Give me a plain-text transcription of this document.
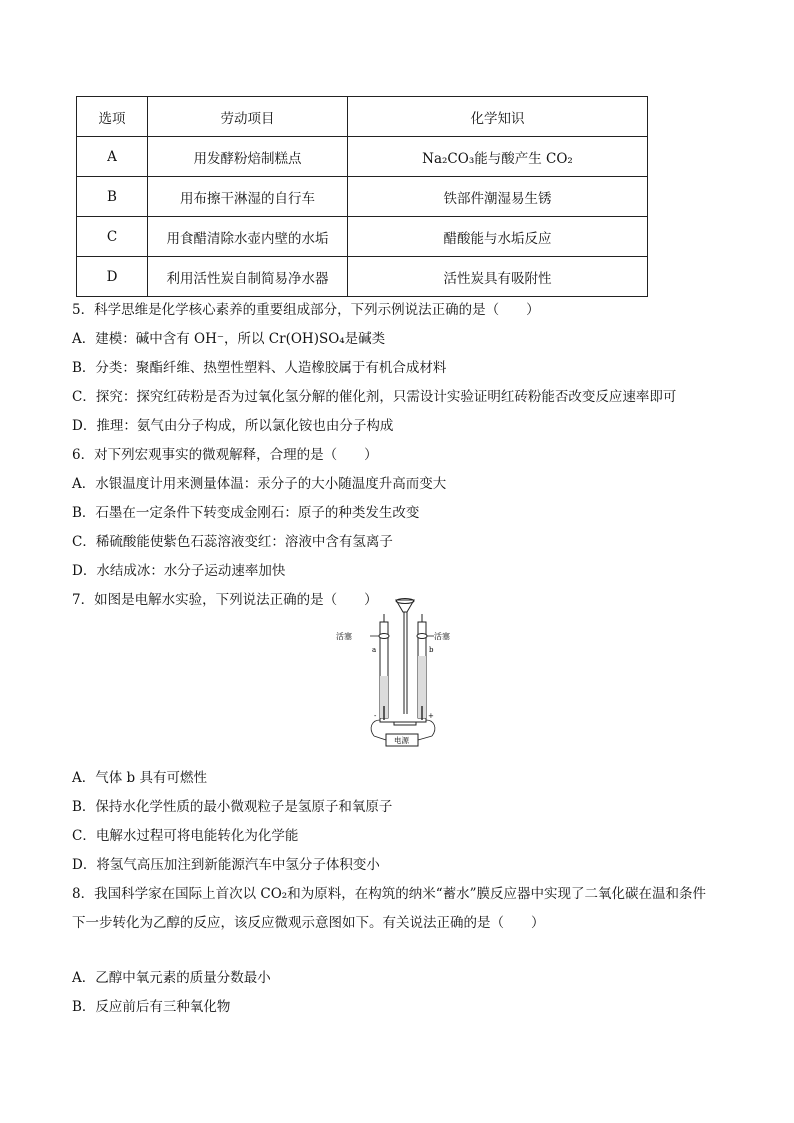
选项	劳动项目	化学知识
A	用发酵粉焙制糕点	Na₂CO₃能与酸产生 CO₂
B	用布擦干淋湿的自行车	铁部件潮湿易生锈
C	用食醋清除水壶内壁的水垢	醋酸能与水垢反应
D	利用活性炭自制简易净水器	活性炭具有吸附性
5．科学思维是化学核心素养的重要组成部分，下列示例说法正确的是（　　）
A．建模：碱中含有 OH⁻，所以 Cr(OH)SO₄是碱类
B．分类：聚酯纤维、热塑性塑料、人造橡胶属于有机合成材料
C．探究：探究红砖粉是否为过氧化氢分解的催化剂，只需设计实验证明红砖粉能否改变反应速率即可
D．推理：氨气由分子构成，所以氯化铵也由分子构成
6．对下列宏观事实的微观解释，合理的是（　　）
A．水银温度计用来测量体温：汞分子的大小随温度升高而变大
B．石墨在一定条件下转变成金刚石：原子的种类发生改变
C．稀硫酸能使紫色石蕊溶液变红：溶液中含有氢离子
D．水结成冰：水分子运动速率加快
7．如图是电解水实验，下列说法正确的是（　　）
活塞	活塞
a	b
-	+
电源
A．气体 b 具有可燃性
B．保持水化学性质的最小微观粒子是氢原子和氧原子
C．电解水过程可将电能转化为化学能
D．将氢气高压加注到新能源汽车中氢分子体积变小
8．我国科学家在国际上首次以 CO₂和为原料，在构筑的纳米“蓄水”膜反应器中实现了二氧化碳在温和条件
下一步转化为乙醇的反应，该反应微观示意图如下。有关说法正确的是（　　）
A．乙醇中氧元素的质量分数最小
B．反应前后有三种氧化物
